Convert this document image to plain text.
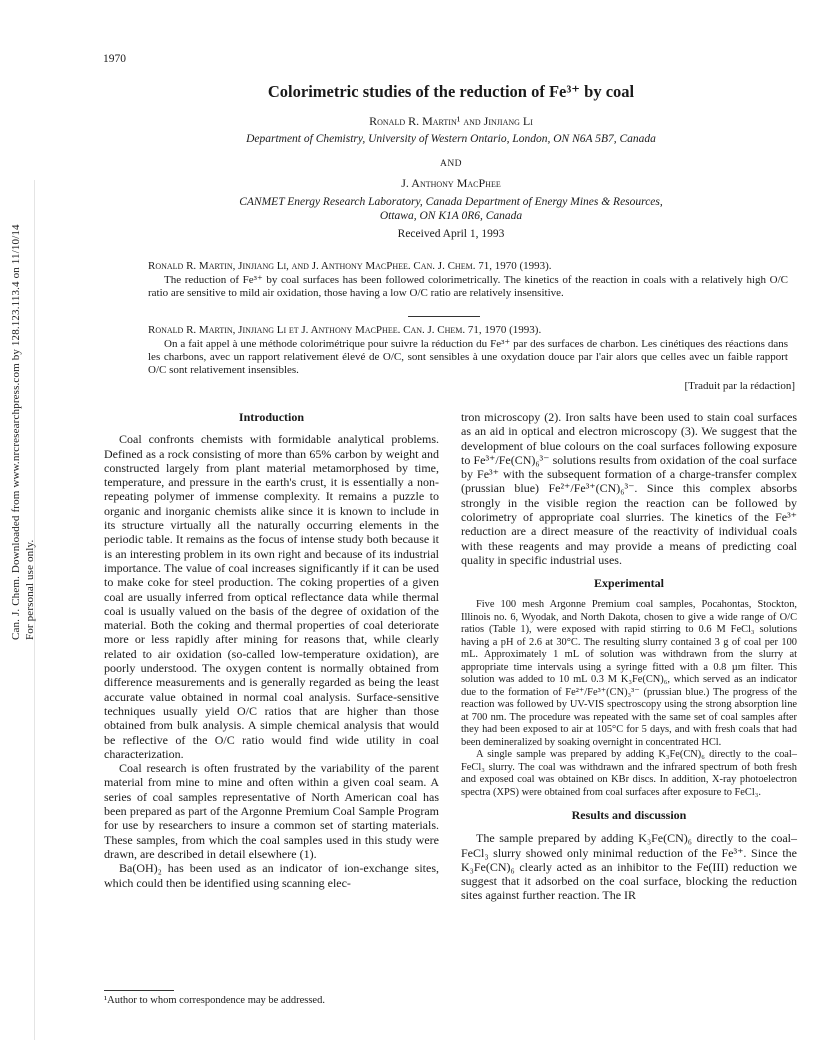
1970
Can. J. Chem. Downloaded from www.nrcresearchpress.com by 128.123.113.4 on 11/10/14 For personal use only.
Colorimetric studies of the reduction of Fe³⁺ by coal
Ronald R. Martin¹ and Jinjiang Li
Department of Chemistry, University of Western Ontario, London, ON N6A 5B7, Canada
AND
J. Anthony MacPhee
CANMET Energy Research Laboratory, Canada Department of Energy Mines & Resources,
Ottawa, ON K1A 0R6, Canada
Received April 1, 1993
Ronald R. Martin, Jinjiang Li, and J. Anthony MacPhee. Can. J. Chem. 71, 1970 (1993).

The reduction of Fe³⁺ by coal surfaces has been followed colorimetrically. The kinetics of the reaction in coals with a relatively high O/C ratio are sensitive to mild air oxidation, those having a low O/C ratio are relatively insensitive.

Ronald R. Martin, Jinjiang Li et J. Anthony MacPhee. Can. J. Chem. 71, 1970 (1993).

On a fait appel à une méthode colorimétrique pour suivre la réduction du Fe³⁺ par des surfaces de charbon. Les cinétiques des réactions dans les charbons, avec un rapport relativement élevé de O/C, sont sensibles à une oxydation douce par l'air alors que celles avec un faible rapport O/C sont relativement insensibles.

[Traduit par la rédaction]
Introduction

Coal confronts chemists with formidable analytical problems. Defined as a rock consisting of more than 65% carbon by weight and constructed largely from plant material metamorphosed by time, temperature, and pressure in the earth's crust, it is essentially a non-repeating polymer of immense complexity. It remains a puzzle to organic and inorganic chemists alike since it is known to include in its structure virtually all the naturally occurring elements in the periodic table. It remains as the focus of intense study both because it is an interesting problem in its own right and because of its industrial importance. The value of coal increases significantly if it can be used to make coke for steel production. The coking properties of a given coal are usually inferred from optical reflectance data while thermal coal is usually valued on the basis of the degree of oxidation of the material. Both the coking and thermal properties of coal deteriorate more or less rapidly after mining for reasons that, while clearly related to air oxidation (so-called low-temperature oxidation), are poorly understood. The oxygen content is normally obtained from difference measurements and is generally regarded as being the least accurate value obtained in normal coal analysis. Surface-sensitive techniques usually yield O/C ratios that are higher than those obtained from bulk analysis. A simple chemical analysis that would be reflective of the O/C ratio would find wide utility in coal characterization.

Coal research is often frustrated by the variability of the parent material from mine to mine and often within a given coal seam. A series of coal samples representative of North American coal has been prepared as part of the Argonne Premium Coal Sample Program for use by researchers to insure a common set of starting materials. These samples, from which the coal samples used in this study were drawn, are described in detail elsewhere (1).

Ba(OH)₂ has been used as an indicator of ion-exchange sites, which could then be identified using scanning elec-

tron microscopy (2). Iron salts have been used to stain coal surfaces as an aid in optical and electron microscopy (3). We suggest that the development of blue colours on the coal surfaces following exposure to Fe³⁺/Fe(CN)₆³⁻ solutions results from oxidation of the coal surface by Fe³⁺ with the subsequent formation of a charge-transfer complex (prussian blue) Fe²⁺/Fe³⁺(CN)₆³⁻. Since this complex absorbs strongly in the visible region the reaction can be followed by colorimetry of appropriate coal slurries. The kinetics of the Fe³⁺ reduction are a direct measure of the reactivity of individual coals with these reagents and may provide a means of predicting coal quality in specific industrial uses.

Experimental

Five 100 mesh Argonne Premium coal samples, Pocahontas, Stockton, Illinois no. 6, Wyodak, and North Dakota, chosen to give a wide range of O/C ratios (Table 1), were exposed with rapid stirring to 0.6 M FeCl₃ solutions having a pH of 2.6 at 30°C. The resulting slurry contained 3 g of coal per 100 mL. Approximately 1 mL of solution was withdrawn from the slurry at appropriate time intervals using a syringe fitted with a 0.8 µm filter. This solution was added to 10 mL 0.3 M K₃Fe(CN)₆, which served as an indicator due to the formation of Fe²⁺/Fe³⁺(CN)₃³⁻ (prussian blue.) The progress of the reaction was followed by UV-VIS spectroscopy using the strong absorption line at 700 nm. The procedure was repeated with the same set of coal samples after they had been exposed to air at 105°C for 5 days, and with fresh coals that had been demineralized by soaking overnight in concentrated HCl.

A single sample was prepared by adding K₃Fe(CN)₆ directly to the coal–FeCl₃ slurry. The coal was withdrawn and the infrared spectrum of both fresh and exposed coal was obtained on KBr discs. In addition, X-ray photoelectron spectra (XPS) were obtained from coal surfaces after exposure to FeCl₃.

Results and discussion

The sample prepared by adding K₃Fe(CN)₆ directly to the coal–FeCl₃ slurry showed only minimal reduction of the Fe³⁺. Since the K₃Fe(CN)₆ clearly acted as an inhibitor to the Fe(III) reduction we suggest that it adsorbed on the coal surface, blocking the reduction sites against further reaction. The IR

¹Author to whom correspondence may be addressed.
